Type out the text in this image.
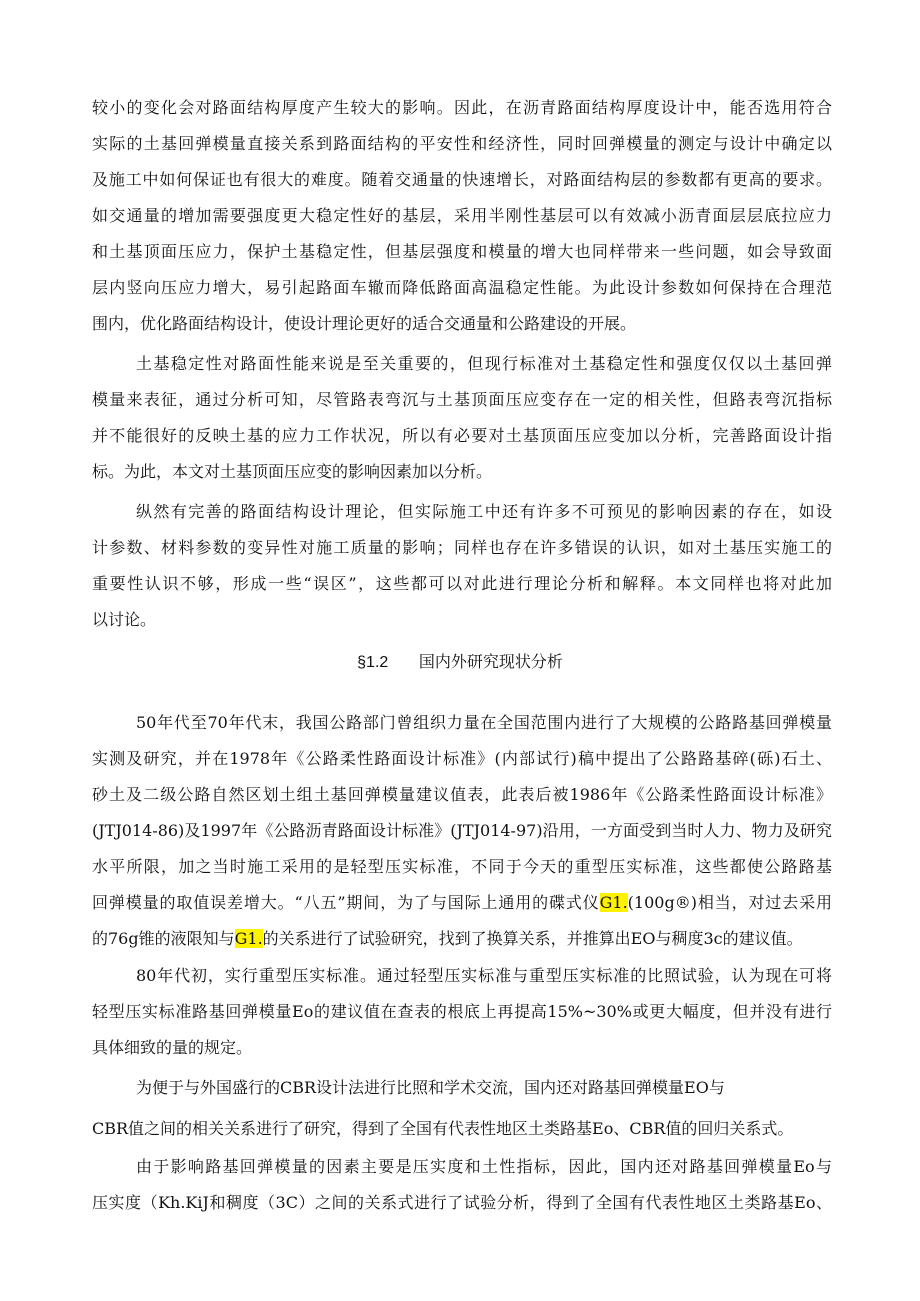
较小的变化会对路面结构厚度产生较大的影响。因此，在沥青路面结构厚度设计中，能否选用符合
实际的土基回弹模量直接关系到路面结构的平安性和经济性，同时回弹模量的测定与设计中确定以
及施工中如何保证也有很大的难度。随着交通量的快速增长，对路面结构层的参数都有更高的要求。
如交通量的增加需要强度更大稳定性好的基层，采用半刚性基层可以有效减小沥青面层层底拉应力
和土基顶面压应力，保护土基稳定性，但基层强度和模量的增大也同样带来一些问题，如会导致面
层内竖向压应力增大，易引起路面车辙而降低路面高温稳定性能。为此设计参数如何保持在合理范
围内，优化路面结构设计，使设计理论更好的适合交通量和公路建设的开展。
土基稳定性对路面性能来说是至关重要的，但现行标准对土基稳定性和强度仅仅以土基回弹
模量来表征，通过分析可知，尽管路表弯沉与土基顶面压应变存在一定的相关性，但路表弯沉指标
并不能很好的反映土基的应力工作状况，所以有必要对土基顶面压应变加以分析，完善路面设计指
标。为此，本文对土基顶面压应变的影响因素加以分析。
纵然有完善的路面结构设计理论，但实际施工中还有许多不可预见的影响因素的存在，如设
计参数、材料参数的变异性对施工质量的影响；同样也存在许多错误的认识，如对土基压实施工的
重要性认识不够，形成一些“误区”，这些都可以对此进行理论分析和解释。本文同样也将对此加
以讨论。
§1.2 国内外研究现状分析
50年代至70年代末，我国公路部门曾组织力量在全国范围内进行了大规模的公路路基回弹模量
实测及研究，并在1978年《公路柔性路面设计标准》(内部试行)稿中提出了公路路基碎(砾)石土、
砂土及二级公路自然区划土组土基回弹模量建议值表，此表后被1986年《公路柔性路面设计标准》
(JTJ014-86)及1997年《公路沥青路面设计标准》(JTJ014-97)沿用，一方面受到当时人力、物力及研究
水平所限，加之当时施工采用的是轻型压实标准，不同于今天的重型压实标准，这些都使公路路基
回弹模量的取值误差增大。“八五”期间，为了与国际上通用的碟式仪G1.(100g®)相当，对过去采用
的76g锥的液限知与G1.的关系进行了试验研究，找到了换算关系，并推算出EO与稠度3c的建议值。
80年代初，实行重型压实标准。通过轻型压实标准与重型压实标准的比照试验，认为现在可将
轻型压实标准路基回弹模量Eo的建议值在查表的根底上再提高15%~30%或更大幅度，但并没有进行
具体细致的量的规定。
为便于与外国盛行的CBR设计法进行比照和学术交流，国内还对路基回弹模量EO与
CBR值之间的相关关系进行了研究，得到了全国有代表性地区土类路基Eo、CBR值的回归关系式。
由于影响路基回弹模量的因素主要是压实度和土性指标，因此，国内还对路基回弹模量Eo与
压实度（Kh.KiJ和稠度（3C）之间的关系式进行了试验分析，得到了全国有代表性地区土类路基Eo、
